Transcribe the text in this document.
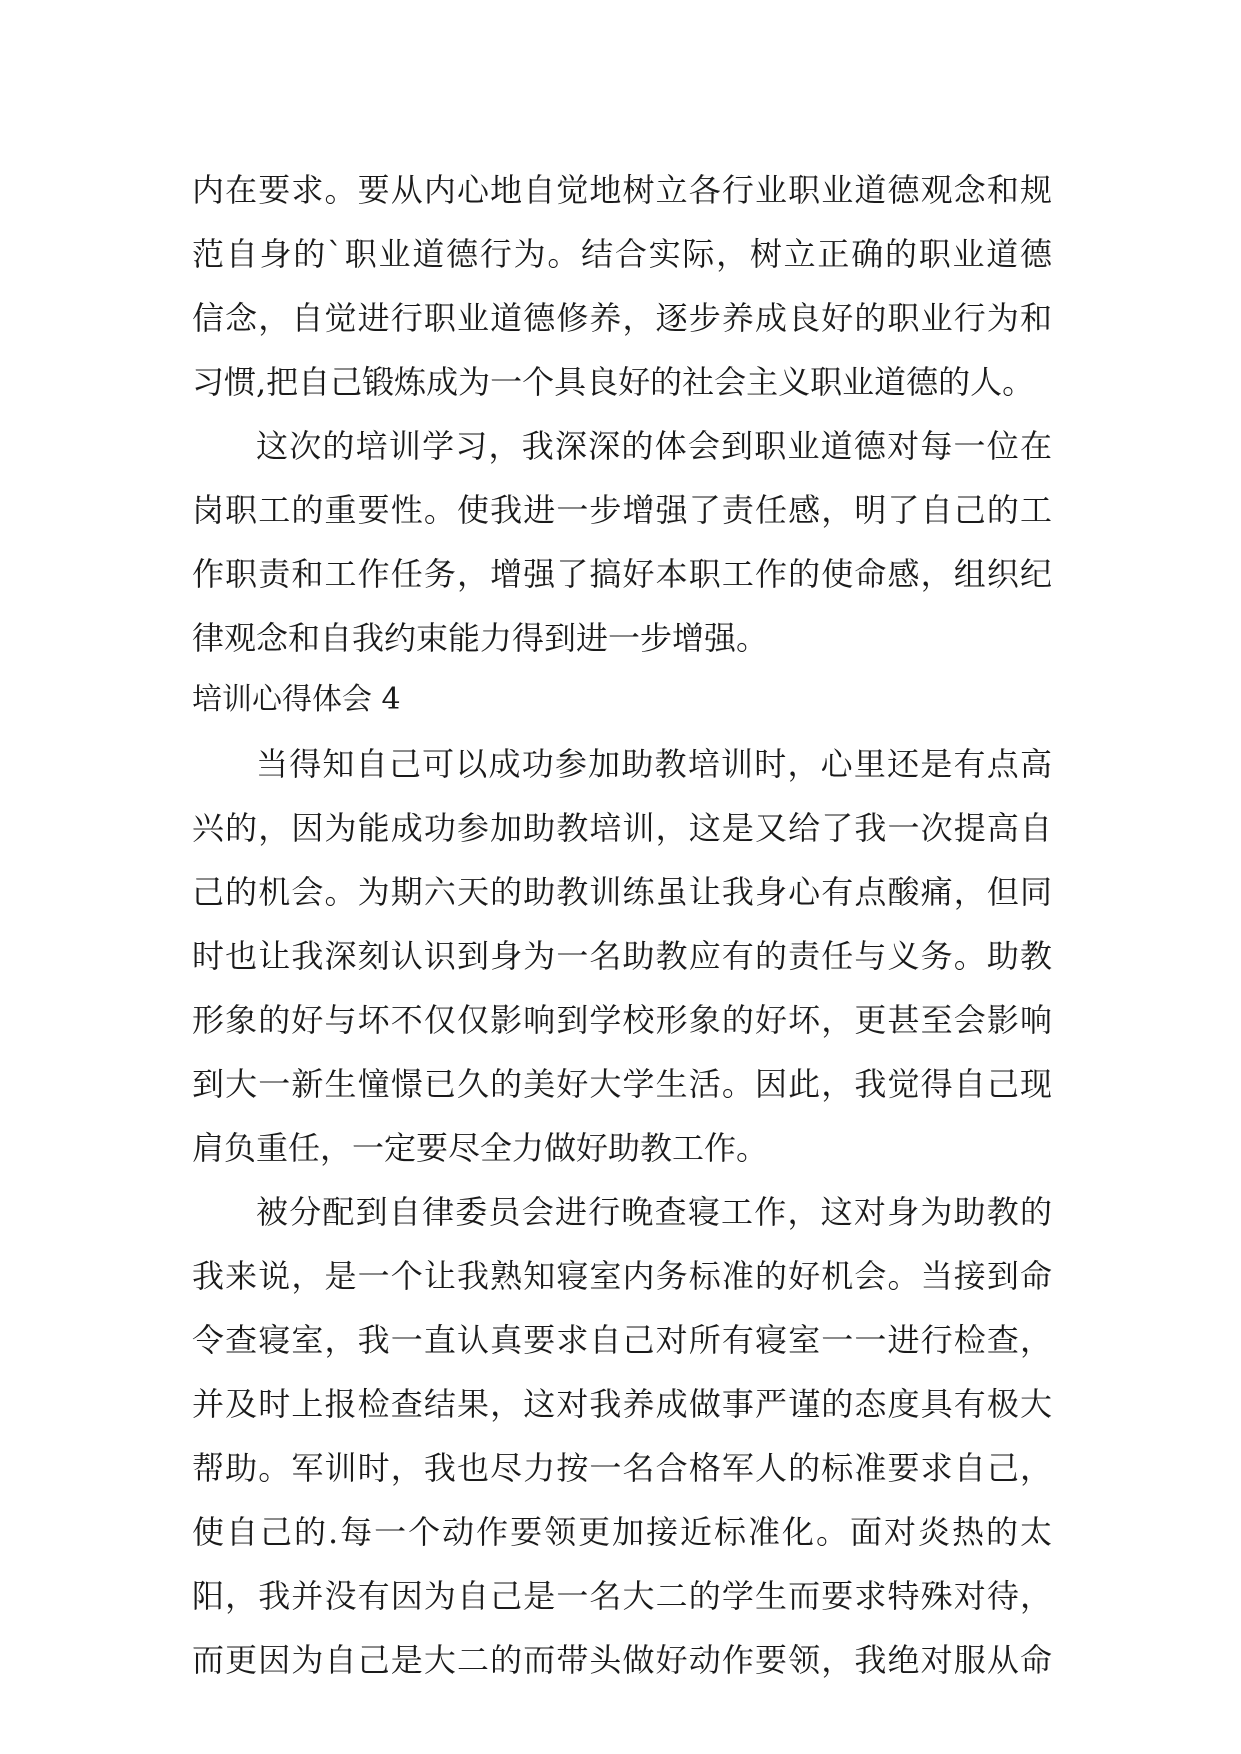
内在要求。要从内心地自觉地树立各行业职业道德观念和规
范自身的`职业道德行为。结合实际，树立正确的职业道德
信念，自觉进行职业道德修养，逐步养成良好的职业行为和
习惯,把自己锻炼成为一个具良好的社会主义职业道德的人。
这次的培训学习，我深深的体会到职业道德对每一位在
岗职工的重要性。使我进一步增强了责任感，明了自己的工
作职责和工作任务，增强了搞好本职工作的使命感，组织纪
律观念和自我约束能力得到进一步增强。
培训心得体会 4
当得知自己可以成功参加助教培训时，心里还是有点高
兴的，因为能成功参加助教培训，这是又给了我一次提高自
己的机会。为期六天的助教训练虽让我身心有点酸痛，但同
时也让我深刻认识到身为一名助教应有的责任与义务。助教
形象的好与坏不仅仅影响到学校形象的好坏，更甚至会影响
到大一新生憧憬已久的美好大学生活。因此，我觉得自己现
肩负重任，一定要尽全力做好助教工作。
被分配到自律委员会进行晚查寝工作，这对身为助教的
我来说，是一个让我熟知寝室内务标准的好机会。当接到命
令查寝室，我一直认真要求自己对所有寝室一一进行检查，
并及时上报检查结果，这对我养成做事严谨的态度具有极大
帮助。军训时，我也尽力按一名合格军人的标准要求自己，
使自己的.每一个动作要领更加接近标准化。面对炎热的太
阳，我并没有因为自己是一名大二的学生而要求特殊对待，
而更因为自己是大二的而带头做好动作要领，我绝对服从命
